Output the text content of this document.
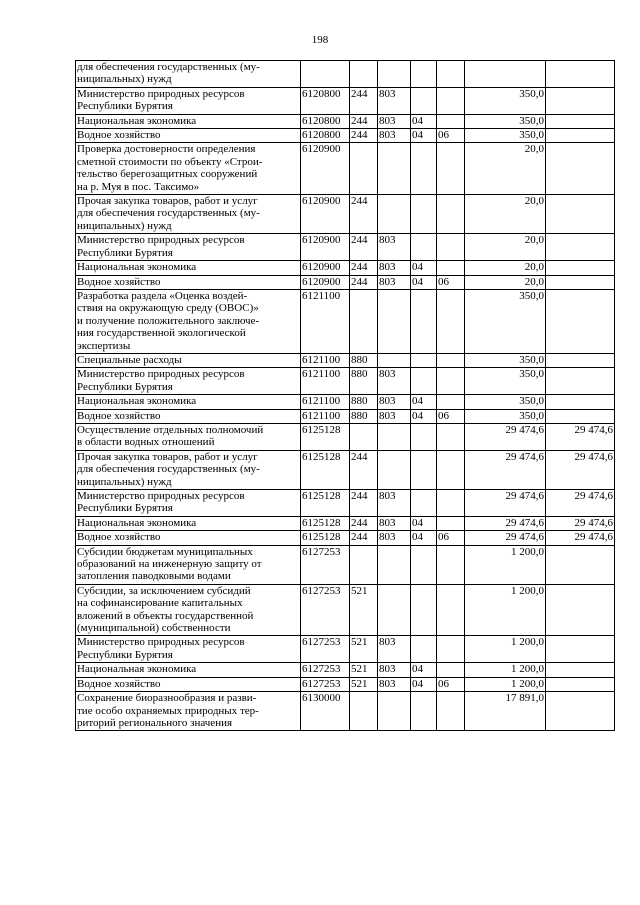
198
для обеспечения государственных (му-
ниципальных) нужд							
Министерство природных ресурсов
Республики Бурятия	6120800	244	803			350,0	
Национальная экономика	6120800	244	803	04		350,0	
Водное хозяйство	6120800	244	803	04	06	350,0	
Проверка достоверности определения
сметной стоимости по объекту «Строи-
тельство берегозащитных сооружений
на р. Муя в пос. Таксимо»	6120900					20,0	
Прочая закупка товаров, работ и услуг
для обеспечения государственных (му-
ниципальных) нужд	6120900	244				20,0	
Министерство природных ресурсов
Республики Бурятия	6120900	244	803			20,0	
Национальная экономика	6120900	244	803	04		20,0	
Водное хозяйство	6120900	244	803	04	06	20,0	
Разработка раздела «Оценка воздей-
ствия на окружающую среду (ОВОС)»
и получение положительного заключе-
ния государственной экологической
экспертизы	6121100					350,0	
Специальные расходы	6121100	880				350,0	
Министерство природных ресурсов
Республики Бурятия	6121100	880	803			350,0	
Национальная экономика	6121100	880	803	04		350,0	
Водное хозяйство	6121100	880	803	04	06	350,0	
Осуществление отдельных полномочий
в области водных отношений	6125128					29 474,6	29 474,6
Прочая закупка товаров, работ и услуг
для обеспечения государственных (му-
ниципальных) нужд	6125128	244				29 474,6	29 474,6
Министерство природных ресурсов
Республики Бурятия	6125128	244	803			29 474,6	29 474,6
Национальная экономика	6125128	244	803	04		29 474,6	29 474,6
Водное хозяйство	6125128	244	803	04	06	29 474,6	29 474,6
Субсидии бюджетам муниципальных
образований на инженерную защиту от
затопления паводковыми водами	6127253					1 200,0	
Субсидии, за исключением субсидий
на софинансирование капитальных
вложений в объекты государственной
(муниципальной) собственности	6127253	521				1 200,0	
Министерство природных ресурсов
Республики Бурятия	6127253	521	803			1 200,0	
Национальная экономика	6127253	521	803	04		1 200,0	
Водное хозяйство	6127253	521	803	04	06	1 200,0	
Сохранение биоразнообразия и разви-
тие особо охраняемых природных тер-
риторий регионального значения	6130000					17 891,0	
